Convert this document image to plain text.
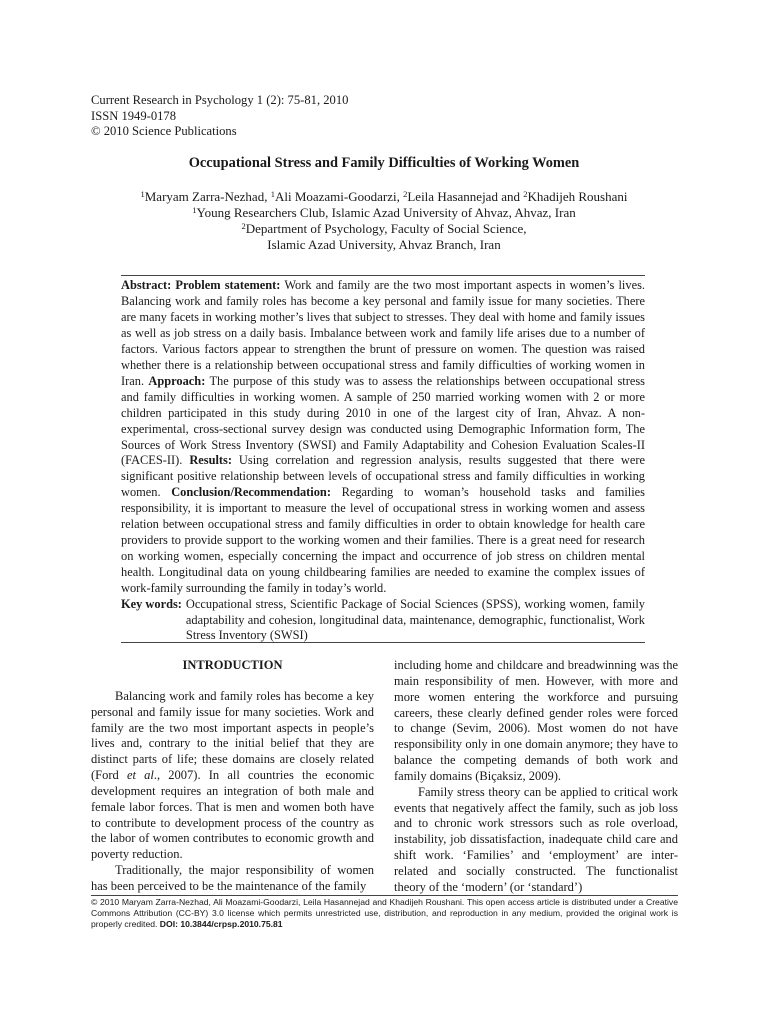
Current Research in Psychology 1 (2): 75-81, 2010
ISSN 1949-0178
© 2010 Science Publications
Occupational Stress and Family Difficulties of Working Women
$^1$Maryam Zarra-Nezhad, $^1$Ali Moazami-Goodarzi, $^2$Leila Hasannejad and $^2$Khadijeh Roushani
$^1$Young Researchers Club, Islamic Azad University of Ahvaz, Ahvaz, Iran
$^2$Department of Psychology, Faculty of Social Science,
Islamic Azad University, Ahvaz Branch, Iran
Abstract: Problem statement: Work and family are the two most important aspects in women’s lives. Balancing work and family roles has become a key personal and family issue for many societies. There are many facets in working mother’s lives that subject to stresses. They deal with home and family issues as well as job stress on a daily basis. Imbalance between work and family life arises due to a number of factors. Various factors appear to strengthen the brunt of pressure on women. The question was raised whether there is a relationship between occupational stress and family difficulties of working women in Iran. Approach: The purpose of this study was to assess the relationships between occupational stress and family difficulties in working women. A sample of 250 married working women with 2 or more children participated in this study during 2010 in one of the largest city of Iran, Ahvaz. A non-experimental, cross-sectional survey design was conducted using Demographic Information form, The Sources of Work Stress Inventory (SWSI) and Family Adaptability and Cohesion Evaluation Scales-II (FACES-II). Results: Using correlation and regression analysis, results suggested that there were significant positive relationship between levels of occupational stress and family difficulties in working women. Conclusion/Recommendation: Regarding to woman’s household tasks and families responsibility, it is important to measure the level of occupational stress in working women and assess relation between occupational stress and family difficulties in order to obtain knowledge for health care providers to provide support to the working women and their families. There is a great need for research on working women, especially concerning the impact and occurrence of job stress on children mental health. Longitudinal data on young childbearing families are needed to examine the complex issues of work-family surrounding the family in today’s world.
Key words: Occupational stress, Scientific Package of Social Sciences (SPSS), working women, family adaptability and cohesion, longitudinal data, maintenance, demographic, functionalist, Work Stress Inventory (SWSI)
INTRODUCTION

Balancing work and family roles has become a key personal and family issue for many societies. Work and family are the two most important aspects in people’s lives and, contrary to the initial belief that they are distinct parts of life; these domains are closely related (Ford et al., 2007). In all countries the economic development requires an integration of both male and female labor forces. That is men and women both have to contribute to development process of the country as the labor of women contributes to economic growth and poverty reduction.

Traditionally, the major responsibility of women has been perceived to be the maintenance of the family

including home and childcare and breadwinning was the main responsibility of men. However, with more and more women entering the workforce and pursuing careers, these clearly defined gender roles were forced to change (Sevim, 2006). Most women do not have responsibility only in one domain anymore; they have to balance the competing demands of both work and family domains (Biçaksiz, 2009).

Family stress theory can be applied to critical work events that negatively affect the family, such as job loss and to chronic work stressors such as role overload, instability, job dissatisfaction, inadequate child care and shift work. ‘Families’ and ‘employment’ are inter-related and socially constructed. The functionalist theory of the ‘modern’ (or ‘standard’)

© 2010 Maryam Zarra-Nezhad, Ali Moazami-Goodarzi, Leila Hasannejad and Khadijeh Roushani. This open access article is distributed under a Creative Commons Attribution (CC-BY) 3.0 license which permits unrestricted use, distribution, and reproduction in any medium, provided the original work is properly credited. DOI: 10.3844/crpsp.2010.75.81
